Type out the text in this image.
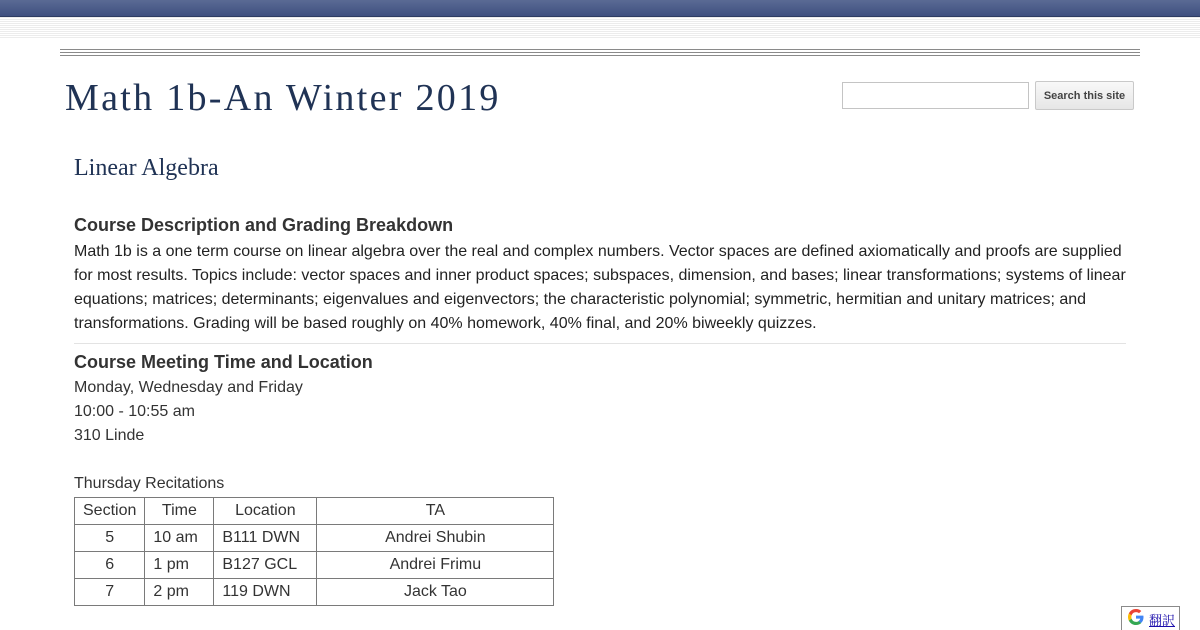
Math 1b-An Winter 2019	Search this site
Linear Algebra
Course Description and Grading Breakdown
Math 1b is a one term course on linear algebra over the real and complex numbers. Vector spaces are defined axiomatically and proofs are supplied for most results. Topics include: vector spaces and inner product spaces; subspaces, dimension, and bases; linear transformations; systems of linear equations; matrices; determinants; eigenvalues and eigenvectors; the characteristic polynomial; symmetric, hermitian and unitary matrices; and transformations. Grading will be based roughly on 40% homework, 40% final, and 20% biweekly quizzes.
Course Meeting Time and Location
Monday, Wednesday and Friday
10:00 - 10:55 am
310 Linde
Thursday Recitations
Section	Time	Location	TA
5	10 am	B111 DWN	Andrei Shubin
6	1 pm	B127 GCL	Andrei Frimu
7	2 pm	119 DWN	Jack Tao
翻訳
